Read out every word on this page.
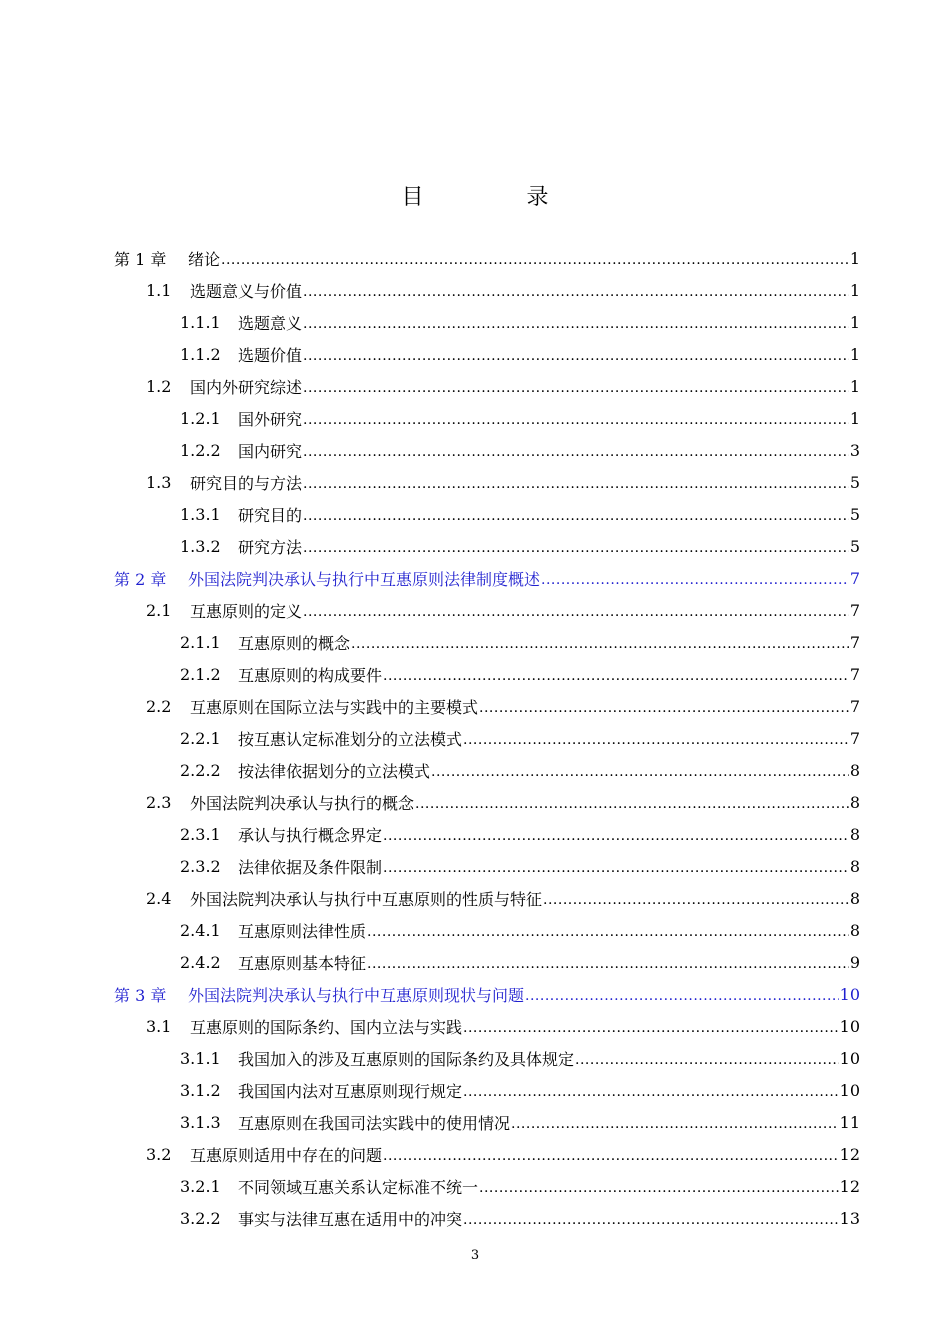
目 录
第 1 章	绪论 .....	1
1.1	选题意义与价值 .....	1
1.1.1	选题意义 .....	1
1.1.2	选题价值 .....	1
1.2	国内外研究综述 .....	1
1.2.1	国外研究 .....	1
1.2.2	国内研究 .....	3
1.3	研究目的与方法 .....	5
1.3.1	研究目的 .....	5
1.3.2	研究方法 .....	5
第 2 章	外国法院判决承认与执行中互惠原则法律制度概述 .....	7
2.1	互惠原则的定义 .....	7
2.1.1	互惠原则的概念 .....	7
2.1.2	互惠原则的构成要件 .....	7
2.2	互惠原则在国际立法与实践中的主要模式 .....	7
2.2.1	按互惠认定标准划分的立法模式 .....	7
2.2.2	按法律依据划分的立法模式 .....	8
2.3	外国法院判决承认与执行的概念 .....	8
2.3.1	承认与执行概念界定 .....	8
2.3.2	法律依据及条件限制 .....	8
2.4	外国法院判决承认与执行中互惠原则的性质与特征 .....	8
2.4.1	互惠原则法律性质 .....	8
2.4.2	互惠原则基本特征 .....	9
第 3 章	外国法院判决承认与执行中互惠原则现状与问题 .....	10
3.1	互惠原则的国际条约、国内立法与实践 .....	10
3.1.1	我国加入的涉及互惠原则的国际条约及具体规定 .....	10
3.1.2	我国国内法对互惠原则现行规定 .....	10
3.1.3	互惠原则在我国司法实践中的使用情况 .....	11
3.2	互惠原则适用中存在的问题 .....	12
3.2.1	不同领域互惠关系认定标准不统一 .....	12
3.2.2	事实与法律互惠在适用中的冲突 .....	13
3
